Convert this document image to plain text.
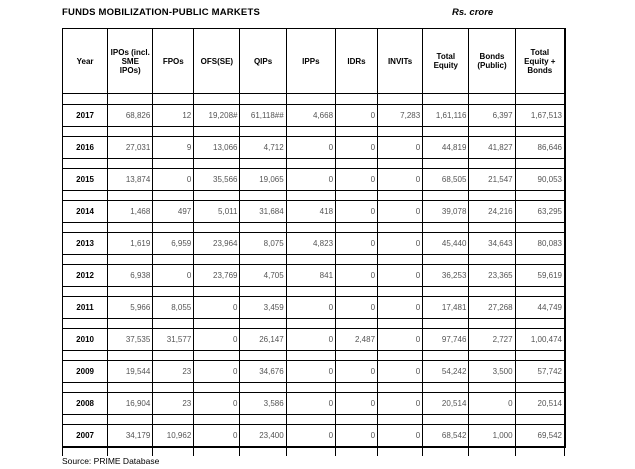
FUNDS MOBILIZATION-PUBLIC MARKETS	Rs. crore
Year	IPOs (incl. SME IPOs)	FPOs	OFS(SE)	QIPs	IPPs	IDRs	INVITs	Total Equity	Bonds (Public)	Total Equity + Bonds

2017	68,826	12	19,208#	61,118##	4,668	0	7,283	1,61,116	6,397	1,67,513

2016	27,031	9	13,066	4,712	0	0	0	44,819	41,827	86,646

2015	13,874	0	35,566	19,065	0	0	0	68,505	21,547	90,053

2014	1,468	497	5,011	31,684	418	0	0	39,078	24,216	63,295

2013	1,619	6,959	23,964	8,075	4,823	0	0	45,440	34,643	80,083

2012	6,938	0	23,769	4,705	841	0	0	36,253	23,365	59,619

2011	5,966	8,055	0	3,459	0	0	0	17,481	27,268	44,749

2010	37,535	31,577	0	26,147	0	2,487	0	97,746	2,727	1,00,474

2009	19,544	23	0	34,676	0	0	0	54,242	3,500	57,742

2008	16,904	23	0	3,586	0	0	0	20,514	0	20,514

2007	34,179	10,962	0	23,400	0	0	0	68,542	1,000	69,542

Source: PRIME Database
